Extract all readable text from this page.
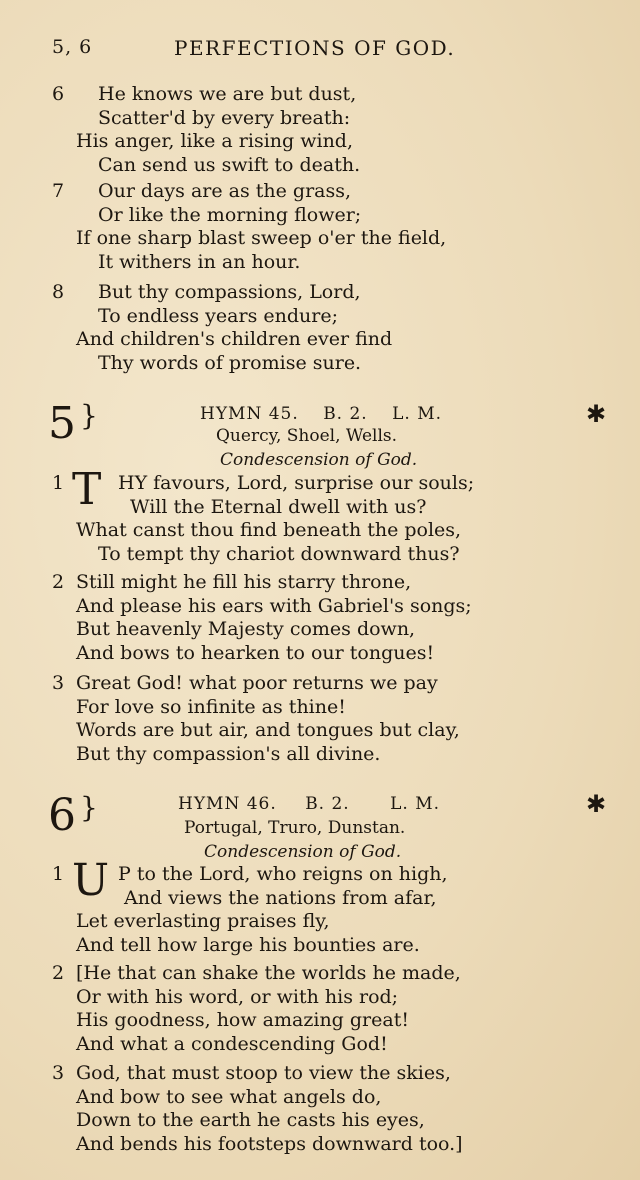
5, 6	PERFECTIONS OF GOD.
6 He knows we are but dust,
Scatter'd by every breath:
His anger, like a rising wind,
Can send us swift to death.
7 Our days are as the grass,
Or like the morning flower;
If one sharp blast sweep o'er the field,
It withers in an hour.
8 But thy compassions, Lord,
To endless years endure;
And children's children ever find
Thy words of promise sure.
5 }	HYMN 45. B. 2. L. M.	✱
Quercy, Shoel, Wells.
Condescension of God.
T
1	HY favours, Lord, surprise our souls;
Will the Eternal dwell with us?
What canst thou find beneath the poles,
To tempt thy chariot downward thus?
2 Still might he fill his starry throne,
And please his ears with Gabriel's songs;
But heavenly Majesty comes down,
And bows to hearken to our tongues!
3 Great God! what poor returns we pay
For love so infinite as thine!
Words are but air, and tongues but clay,
But thy compassion's all divine.
6 }	HYMN 46. B. 2. L. M.	✱
Portugal, Truro, Dunstan.
Condescension of God.
U
1	P to the Lord, who reigns on high,
And views the nations from afar,
Let everlasting praises fly,
And tell how large his bounties are.
2 [He that can shake the worlds he made,
Or with his word, or with his rod;
His goodness, how amazing great!
And what a condescending God!
3 God, that must stoop to view the skies,
And bow to see what angels do,
Down to the earth he casts his eyes,
And bends his footsteps downward too.]
